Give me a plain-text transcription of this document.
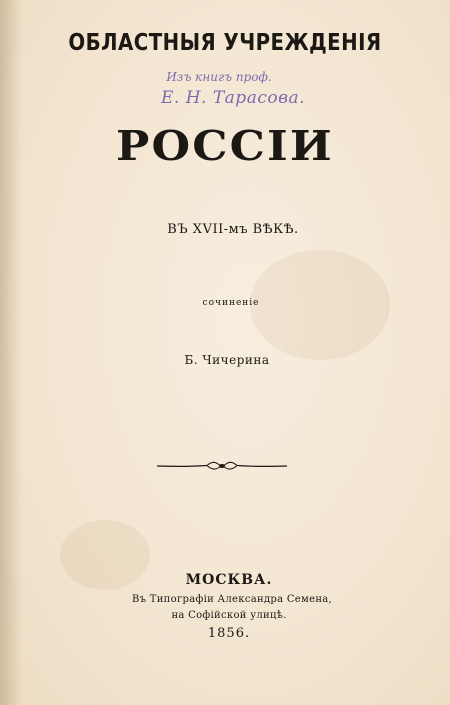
ОБЛАСТНЫЯ УЧРЕЖДЕНІЯ
Изъ книгъ проф.
Е. Н. Тарасова.
РОССІИ
ВЪ XVII-мъ ВѢКѢ.
сочиненіе
Б. Чичерина
МОСКВА.
Въ Типографіи Александра Семена,
на Софійской улицѣ.
1856.
